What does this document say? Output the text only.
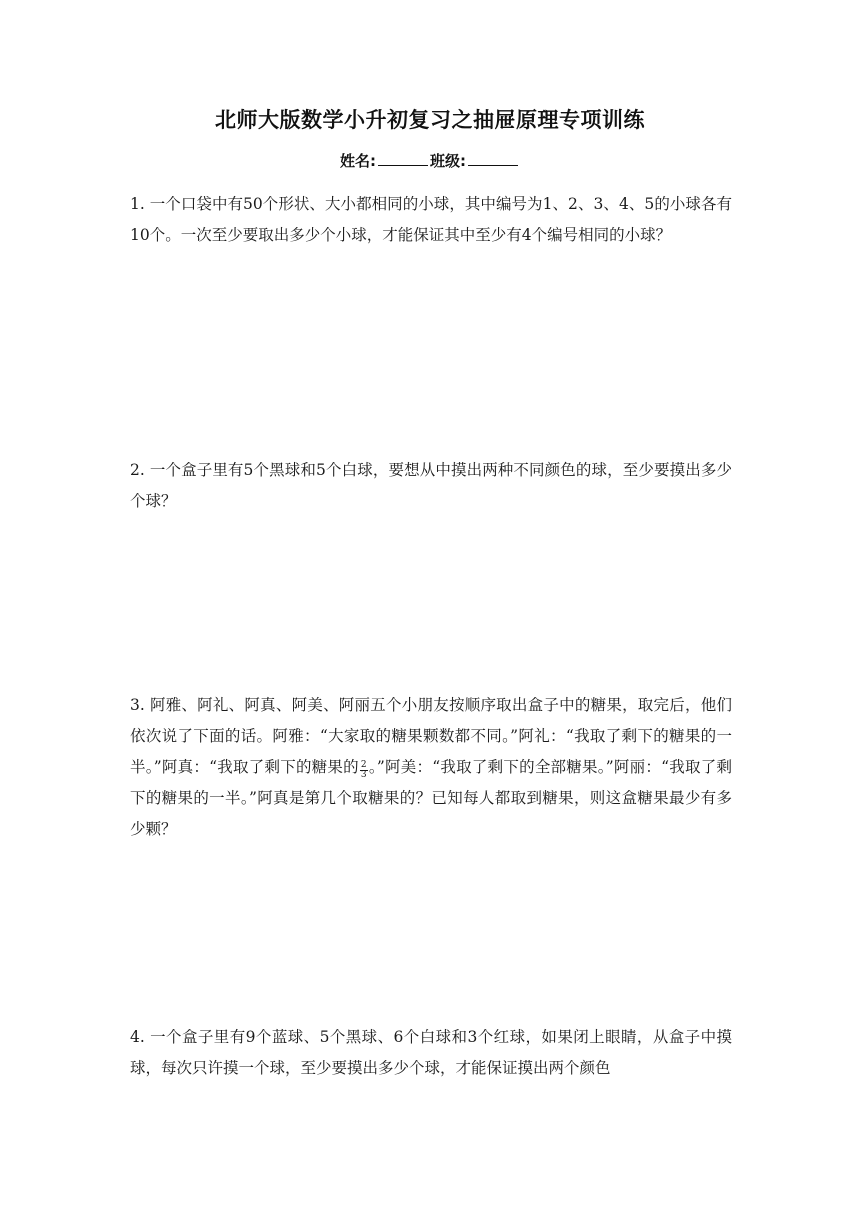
北师大版数学小升初复习之抽屉原理专项训练
姓名:	班级:

1. 一个口袋中有50个形状、大小都相同的小球，其中编号为1、2、3、4、5的小球各有10个。一次至少要取出多少个小球，才能保证其中至少有4个编号相同的小球？

2. 一个盒子里有5个黑球和5个白球，要想从中摸出两种不同颜色的球，至少要摸出多少个球？

3. 阿雅、阿礼、阿真、阿美、阿丽五个小朋友按顺序取出盒子中的糖果，取完后，他们依次说了下面的话。阿雅：“大家取的糖果颗数都不同。”阿礼：“我取了剩下的糖果的一半。”阿真：“我取了剩下的糖果的 $\frac{2}{3}$ 。”阿美：“我取了剩下的全部糖果。”阿丽：“我取了剩下的糖果的一半。”阿真是第几个取糖果的？已知每人都取到糖果，则这盒糖果最少有多少颗？

4. 一个盒子里有9个蓝球、5个黑球、6个白球和3个红球，如果闭上眼睛，从盒子中摸球，每次只许摸一个球，至少要摸出多少个球，才能保证摸出两个颜色
